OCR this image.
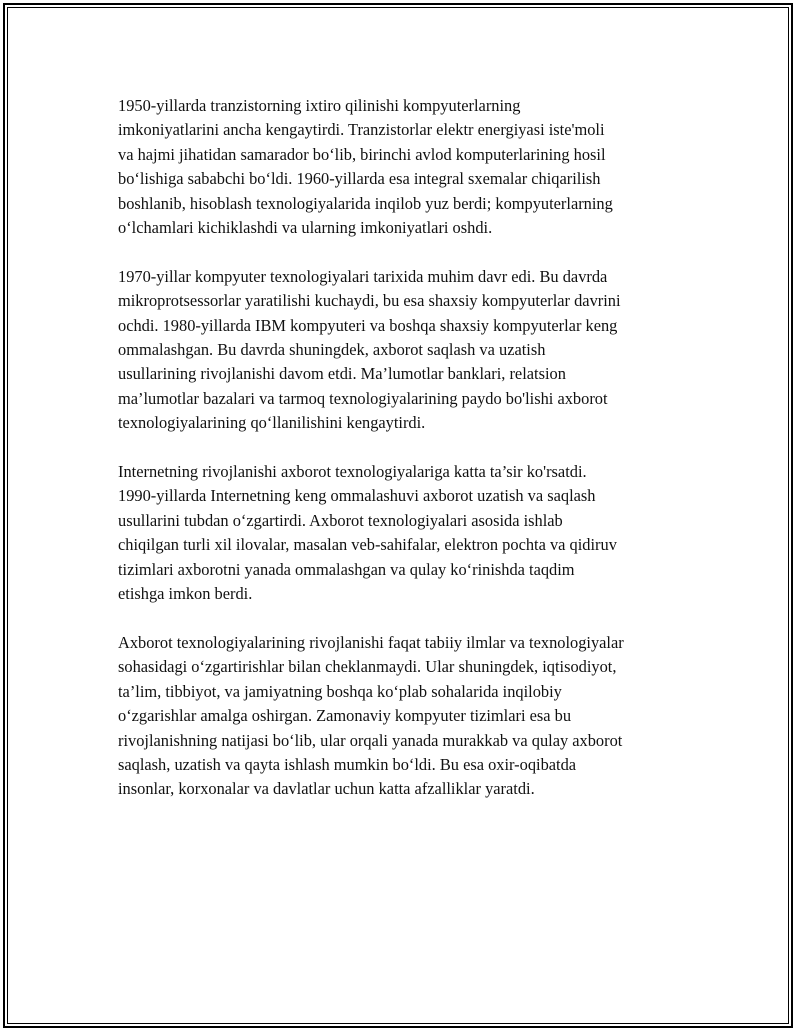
1950-yillarda tranzistorning ixtiro qilinishi kompyuterlarning
imkoniyatlarini ancha kengaytirdi. Tranzistorlar elektr energiyasi iste'moli
va hajmi jihatidan samarador bo‘lib, birinchi avlod komputerlarining hosil
bo‘lishiga sababchi bo‘ldi. 1960-yillarda esa integral sxemalar chiqarilish
boshlanib, hisoblash texnologiyalarida inqilob yuz berdi; kompyuterlarning
o‘lchamlari kichiklashdi va ularning imkoniyatlari oshdi.

1970-yillar kompyuter texnologiyalari tarixida muhim davr edi. Bu davrda
mikroprotsessorlar yaratilishi kuchaydi, bu esa shaxsiy kompyuterlar davrini
ochdi. 1980-yillarda IBM kompyuteri va boshqa shaxsiy kompyuterlar keng
ommalashgan. Bu davrda shuningdek, axborot saqlash va uzatish
usullarining rivojlanishi davom etdi. Ma’lumotlar banklari, relatsion
ma’lumotlar bazalari va tarmoq texnologiyalarining paydo bo'lishi axborot
texnologiyalarining qo‘llanilishini kengaytirdi.

Internetning rivojlanishi axborot texnologiyalariga katta ta’sir ko'rsatdi.
1990-yillarda Internetning keng ommalashuvi axborot uzatish va saqlash
usullarini tubdan o‘zgartirdi. Axborot texnologiyalari asosida ishlab
chiqilgan turli xil ilovalar, masalan veb-sahifalar, elektron pochta va qidiruv
tizimlari axborotni yanada ommalashgan va qulay ko‘rinishda taqdim
etishga imkon berdi.

Axborot texnologiyalarining rivojlanishi faqat tabiiy ilmlar va texnologiyalar
sohasidagi o‘zgartirishlar bilan cheklanmaydi. Ular shuningdek, iqtisodiyot,
ta’lim, tibbiyot, va jamiyatning boshqa ko‘plab sohalarida inqilobiy
o‘zgarishlar amalga oshirgan. Zamonaviy kompyuter tizimlari esa bu
rivojlanishning natijasi bo‘lib, ular orqali yanada murakkab va qulay axborot
saqlash, uzatish va qayta ishlash mumkin bo‘ldi. Bu esa oxir-oqibatda
insonlar, korxonalar va davlatlar uchun katta afzalliklar yaratdi.
